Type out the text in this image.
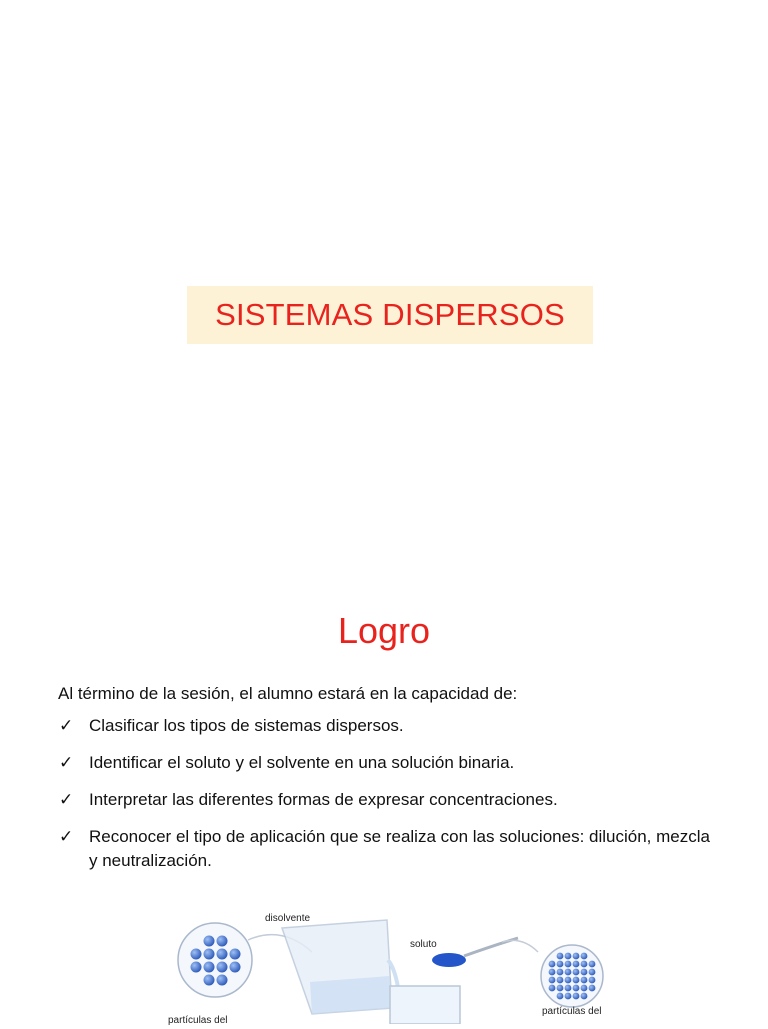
SISTEMAS DISPERSOS
Logro
Al término de la sesión, el alumno estará en la capacidad de:
✓ Clasificar los tipos de sistemas dispersos.
✓ Identificar el soluto y el solvente en una solución binaria.
✓ Interpretar las diferentes formas de expresar concentraciones.
✓ Reconocer el tipo de aplicación que se realiza con las soluciones: dilución, mezcla y neutralización.
disolvente
soluto
partículas del
partículas del
